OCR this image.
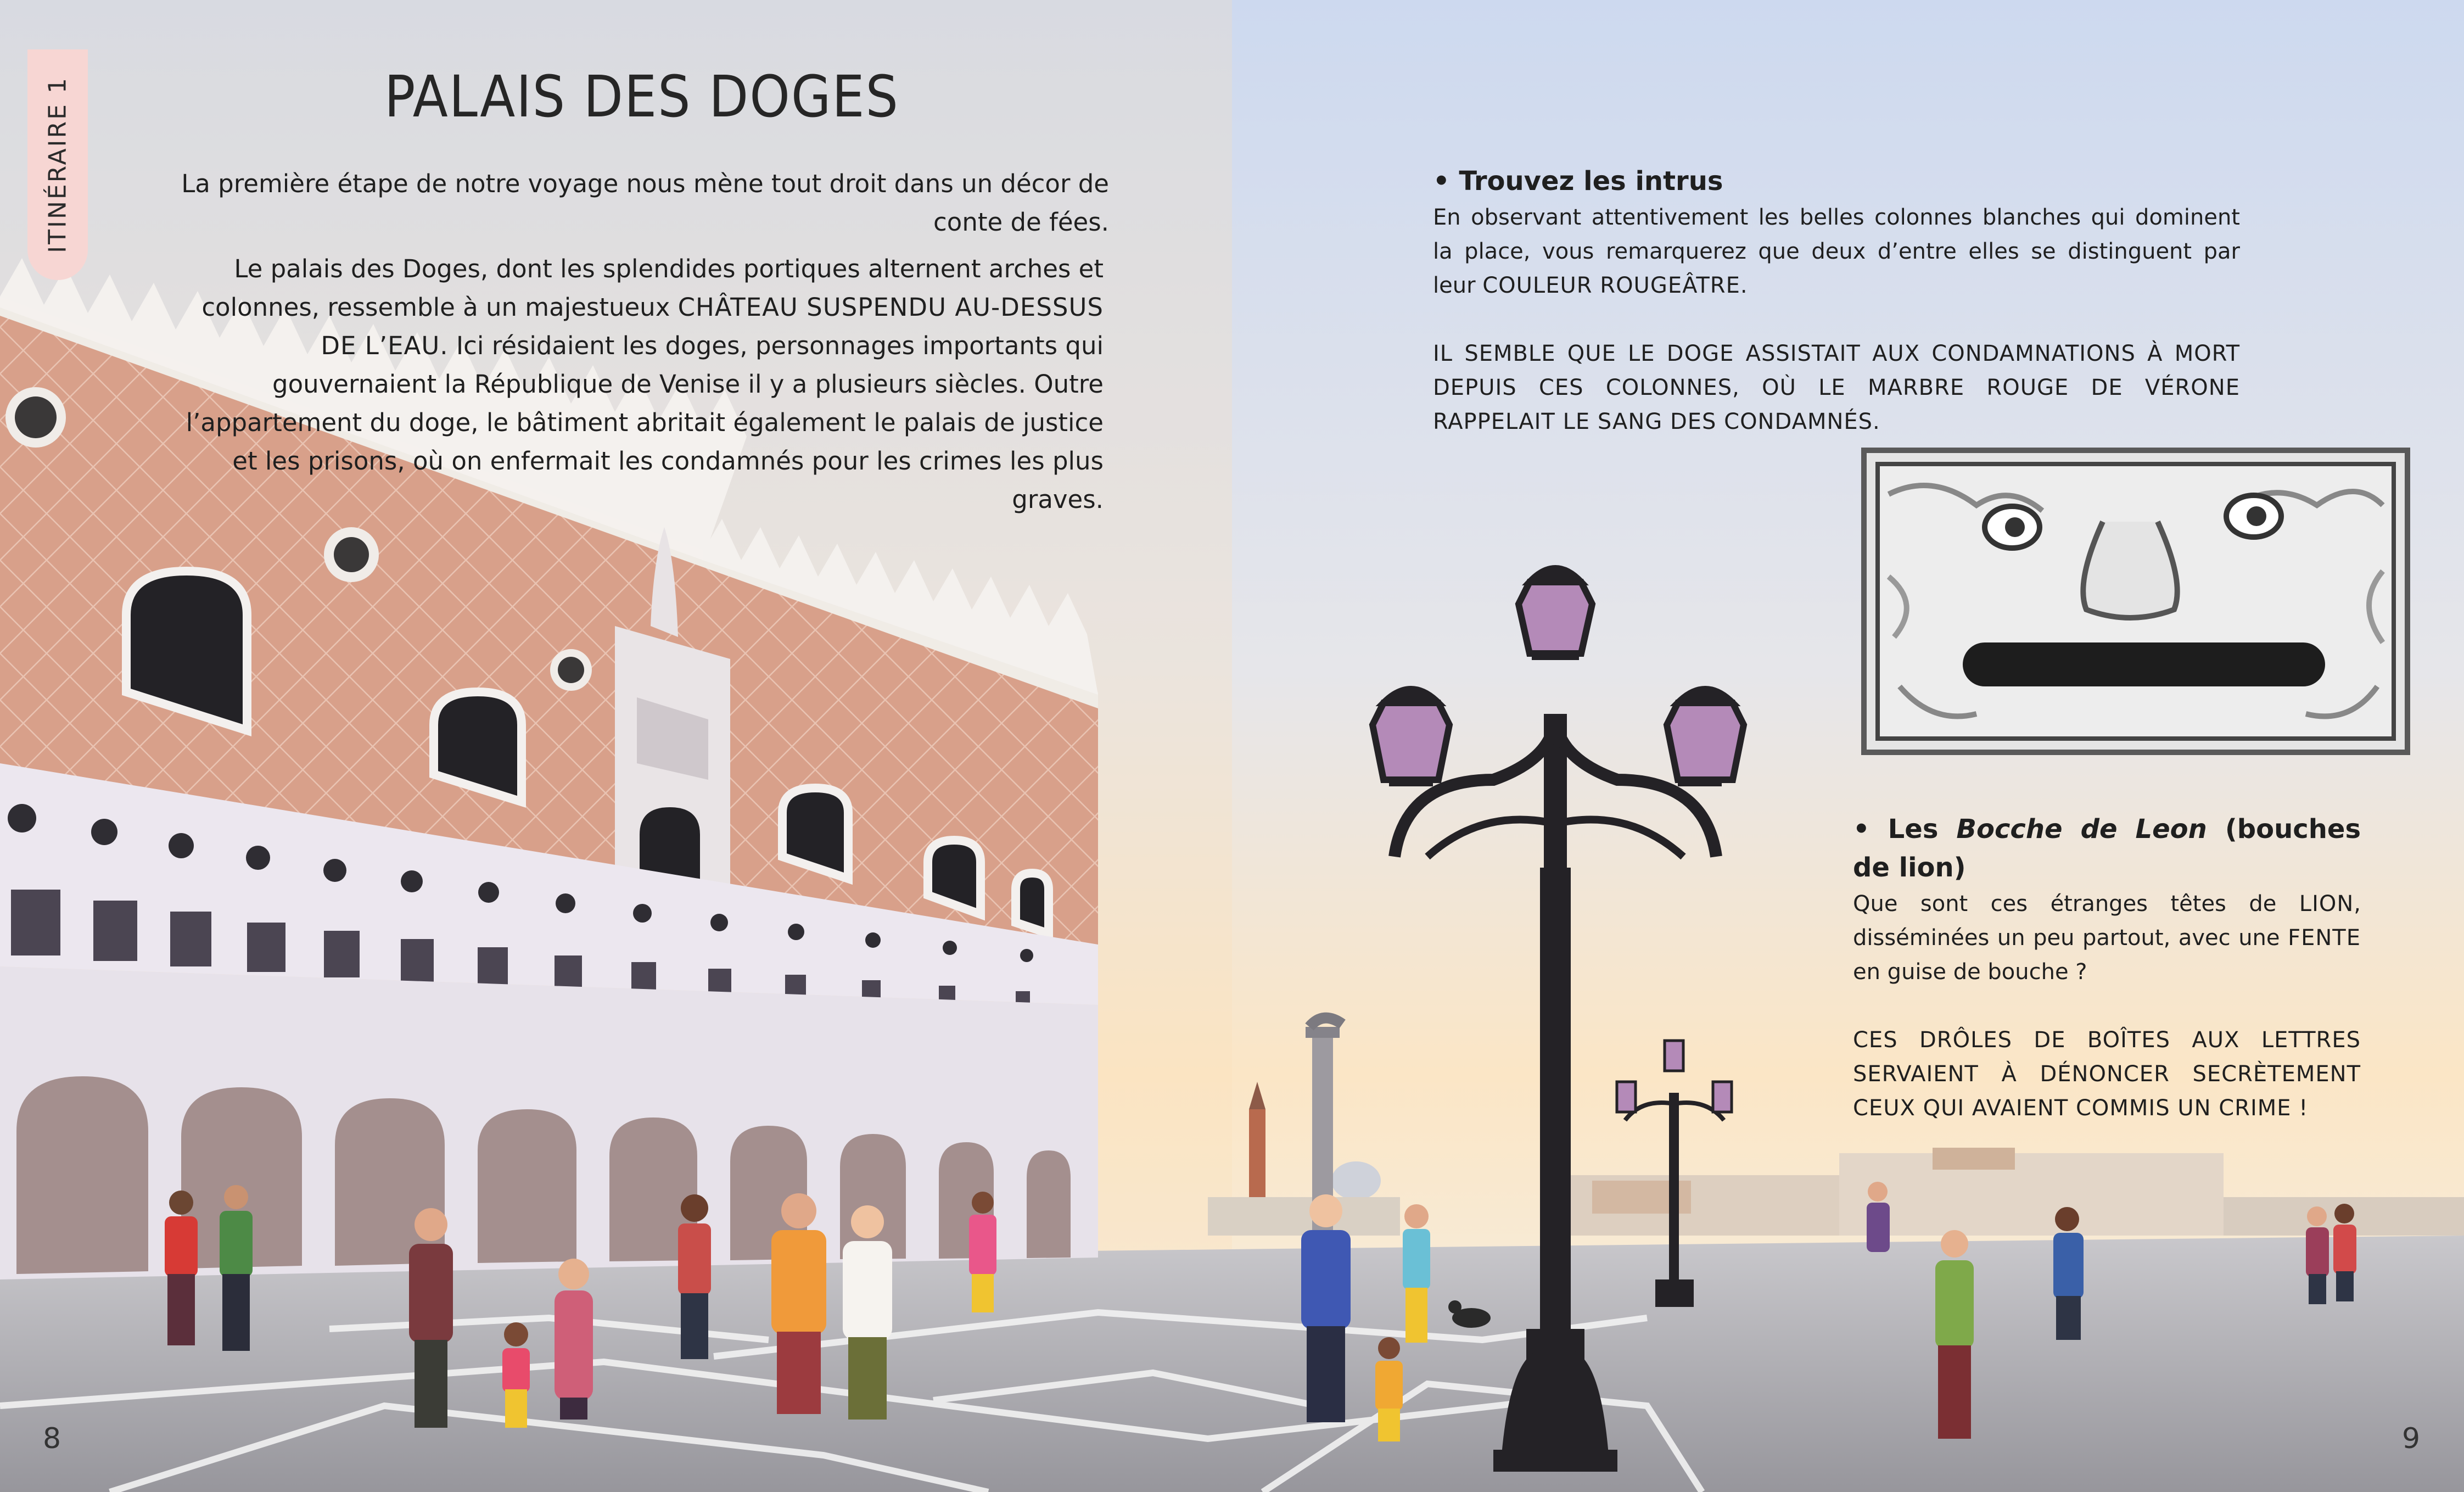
ITINÉRAIRE 1	PALAIS DES DOGES
La première étape de notre voyage nous mène tout droit dans un décor de conte de fées.
Le palais des Doges, dont les splendides portiques alternent arches et colonnes, ressemble à un majestueux CHÂTEAU SUSPENDU AU-DESSUS DE L’EAU. Ici résidaient les doges, personnages importants qui gouvernaient la République de Venise il y a plusieurs siècles. Outre l’appartement du doge, le bâtiment abritait également le palais de justice et les prisons, où on enfermait les condamnés pour les crimes les plus graves.
• Trouvez les intrus
En observant attentivement les belles colonnes blanches qui dominent la place, vous remarquerez que deux d’entre elles se distinguent par leur COULEUR ROUGEÂTRE.
IL SEMBLE QUE LE DOGE ASSISTAIT AUX CONDAMNATIONS À MORT DEPUIS CES COLONNES, OÙ LE MARBRE ROUGE DE VÉRONE RAPPELAIT LE SANG DES CONDAMNÉS.
• Les Bocche de Leon (bouches de lion)
Que sont ces étranges têtes de LION, disséminées un peu partout, avec une FENTE en guise de bouche ?
CES DRÔLES DE BOÎTES AUX LETTRES SERVAIENT À DÉNONCER SECRÈTEMENT CEUX QUI AVAIENT COMMIS UN CRIME !
8	9
